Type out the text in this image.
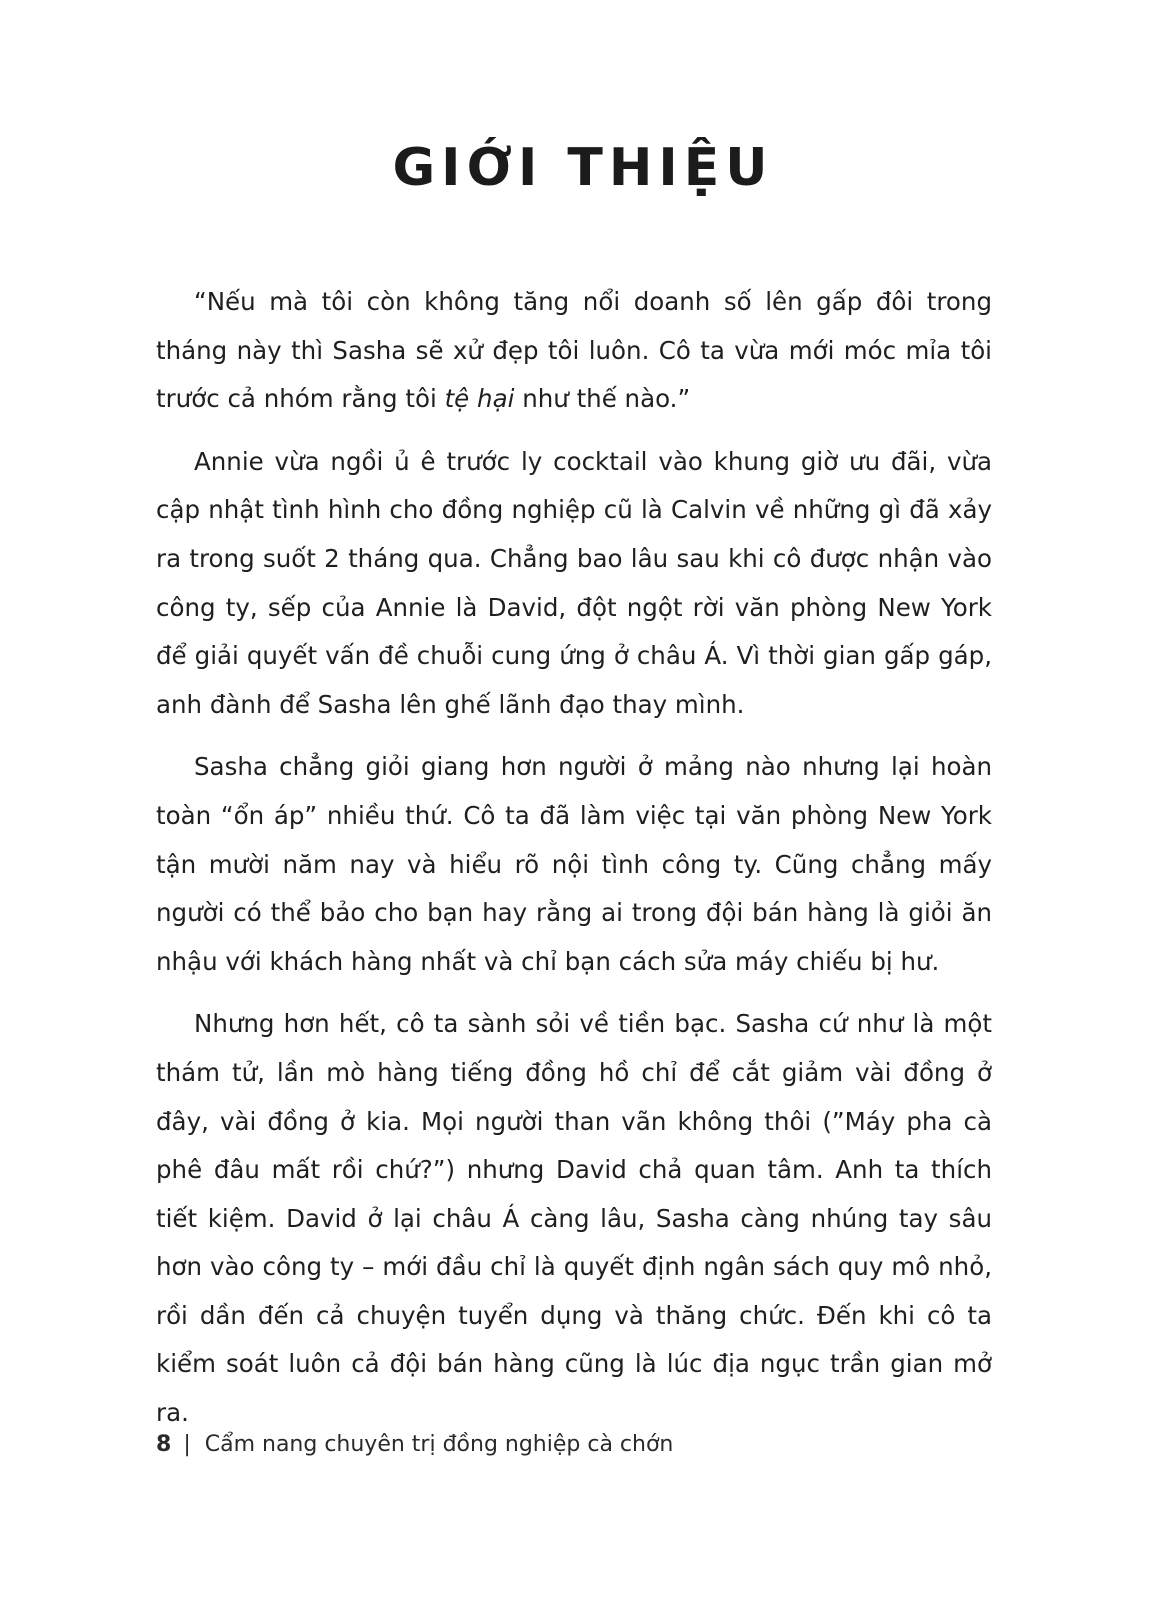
GIỚI THIỆU

“Nếu mà tôi còn không tăng nổi doanh số lên gấp đôi trong tháng này thì Sasha sẽ xử đẹp tôi luôn. Cô ta vừa mới móc mỉa tôi trước cả nhóm rằng tôi tệ hại như thế nào.”

Annie vừa ngồi ủ ê trước ly cocktail vào khung giờ ưu đãi, vừa cập nhật tình hình cho đồng nghiệp cũ là Calvin về những gì đã xảy ra trong suốt 2 tháng qua. Chẳng bao lâu sau khi cô được nhận vào công ty, sếp của Annie là David, đột ngột rời văn phòng New York để giải quyết vấn đề chuỗi cung ứng ở châu Á. Vì thời gian gấp gáp, anh đành để Sasha lên ghế lãnh đạo thay mình.

Sasha chẳng giỏi giang hơn người ở mảng nào nhưng lại hoàn toàn “ổn áp” nhiều thứ. Cô ta đã làm việc tại văn phòng New York tận mười năm nay và hiểu rõ nội tình công ty. Cũng chẳng mấy người có thể bảo cho bạn hay rằng ai trong đội bán hàng là giỏi ăn nhậu với khách hàng nhất và chỉ bạn cách sửa máy chiếu bị hư.

Nhưng hơn hết, cô ta sành sỏi về tiền bạc. Sasha cứ như là một thám tử, lần mò hàng tiếng đồng hồ chỉ để cắt giảm vài đồng ở đây, vài đồng ở kia. Mọi người than vãn không thôi (”Máy pha cà phê đâu mất rồi chứ?”) nhưng David chả quan tâm. Anh ta thích tiết kiệm. David ở lại châu Á càng lâu, Sasha càng nhúng tay sâu hơn vào công ty – mới đầu chỉ là quyết định ngân sách quy mô nhỏ, rồi dần đến cả chuyện tuyển dụng và thăng chức. Đến khi cô ta kiểm soát luôn cả đội bán hàng cũng là lúc địa ngục trần gian mở ra.

8 | Cẩm nang chuyên trị đồng nghiệp cà chớn
